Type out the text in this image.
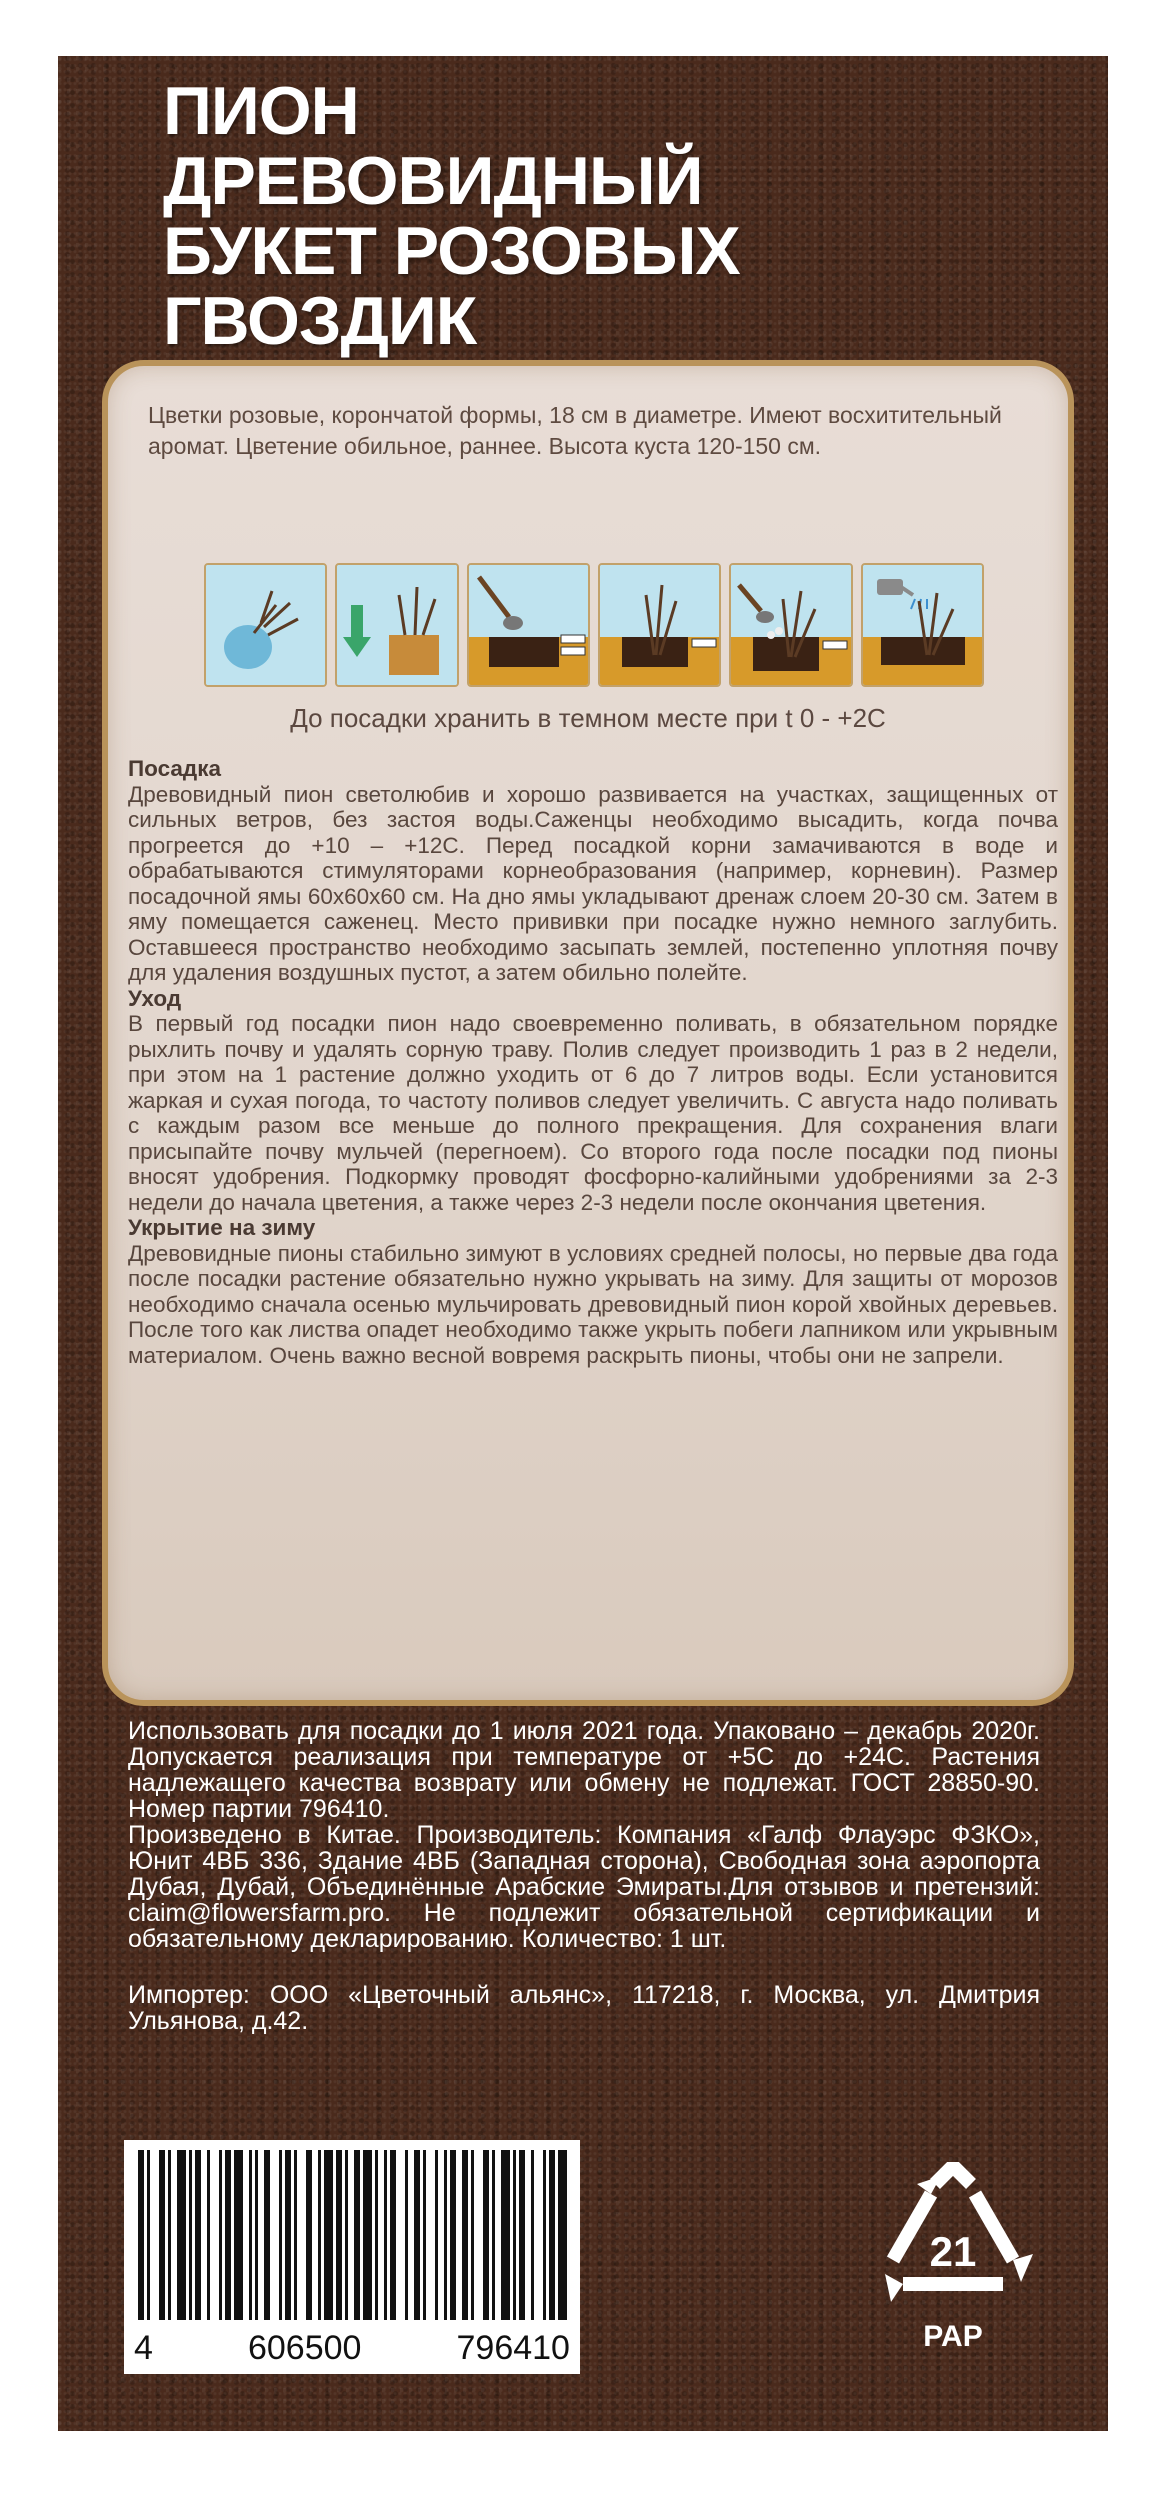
ПИОН
ДРЕВОВИДНЫЙ
БУКЕТ РОЗОВЫХ
ГВОЗДИК

Цветки розовые, корончатой формы, 18 см в диаметре. Имеют восхитительный аромат. Цветение обильное, раннее. Высота куста 120-150 см.

До посадки хранить в темном месте при t 0 - +2С

Посадка

Древовидный пион светолюбив и хорошо развивается на участках, защищенных от сильных ветров, без застоя воды.Саженцы необходимо высадить, когда почва прогреется до +10 – +12С. Перед посадкой корни замачиваются в воде и обрабатываются стимуляторами корнеобразования (например, корневин). Размер посадочной ямы 60х60х60 см. На дно ямы укладывают дренаж слоем 20-30 см. Затем в яму помещается саженец. Место прививки при посадке нужно немного заглубить. Оставшееся пространство необходимо засыпать землей, постепенно уплотняя почву для удаления воздушных пустот, а затем обильно полейте.

Уход

В первый год посадки пион надо своевременно поливать, в обязательном порядке рыхлить почву и удалять сорную траву. Полив следует производить 1 раз в 2 недели, при этом на 1 растение должно уходить от 6 до 7 литров воды. Если установится жаркая и сухая погода, то частоту поливов следует увеличить. С августа надо поливать с каждым разом все меньше до полного прекращения. Для сохранения влаги присыпайте почву мульчей (перегноем). Со второго года после посадки под пионы вносят удобрения. Подкормку проводят фосфорно-калийными удобрениями за 2-3 недели до начала цветения, а также через 2-3 недели после окончания цветения.

Укрытие на зиму

Древовидные пионы стабильно зимуют в условиях средней полосы, но первые два года после посадки растение обязательно нужно укрывать на зиму. Для защиты от морозов необходимо сначала осенью мульчировать древовидный пион корой хвойных деревьев. После того как листва опадет необходимо также укрыть побеги лапником или укрывным материалом. Очень важно весной вовремя раскрыть пионы, чтобы они не запрели.

Использовать для посадки до 1 июля 2021 года. Упаковано – декабрь 2020г. Допускается реализация при температуре от +5С до +24С. Растения надлежащего качества возврату или обмену не подлежат. ГОСТ 28850-90. Номер партии 796410.

Произведено в Китае. Производитель: Компания «Галф Флауэрс ФЗКО», Юнит 4ВБ 336, Здание 4ВБ (Западная сторона), Свободная зона аэропорта Дубая, Дубай, Объединённые Арабские Эмираты.Для отзывов и претензий: claim@flowersfarm.pro. Не подлежит обязательной сертификации и обязательному декларированию. Количество: 1 шт.

Импортер: ООО «Цветочный альянс», 117218, г. Москва, ул. Дмитрия Ульянова, д.42.

4	606500	796410
21
PAP
